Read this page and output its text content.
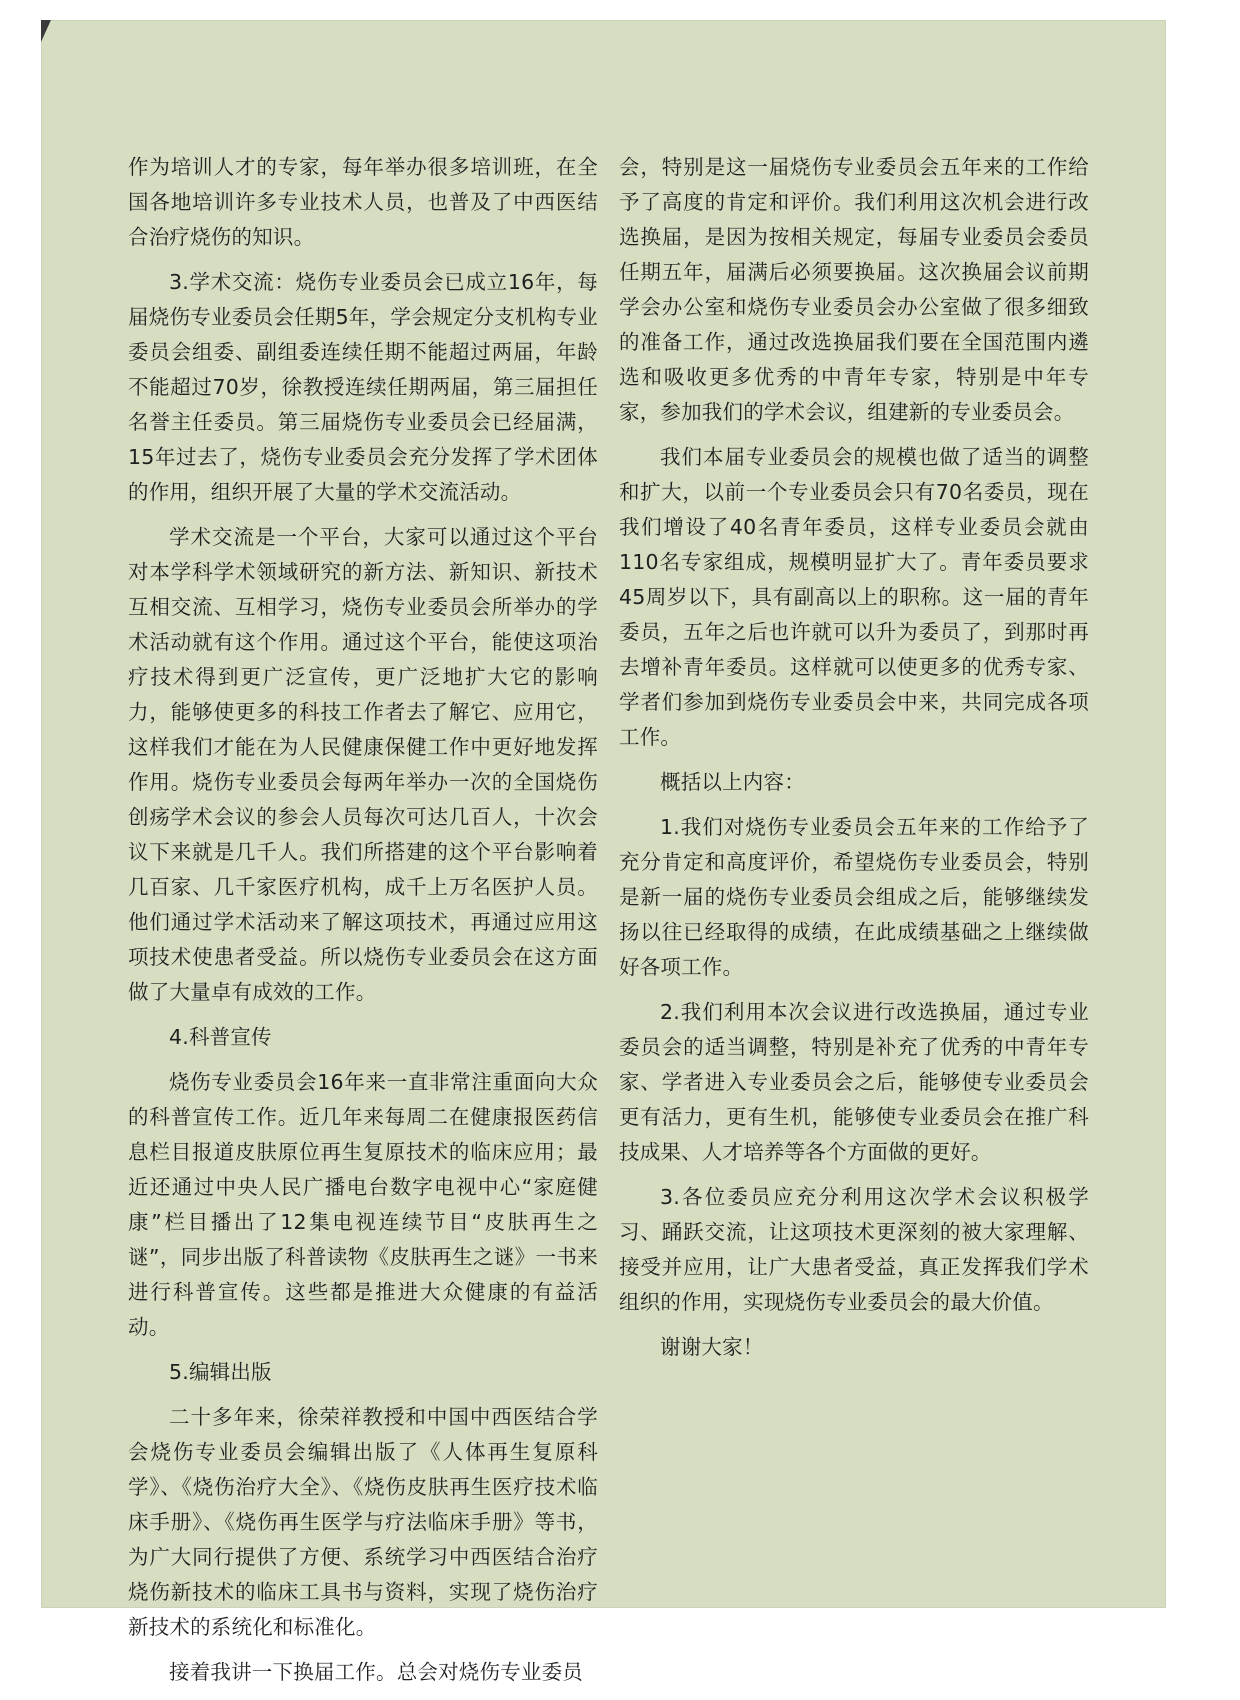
作为培训人才的专家，每年举办很多培训班，在全国各地培训许多专业技术人员，也普及了中西医结合治疗烧伤的知识。

3.学术交流：烧伤专业委员会已成立16年，每届烧伤专业委员会任期5年，学会规定分支机构专业委员会组委、副组委连续任期不能超过两届，年龄不能超过70岁，徐教授连续任期两届，第三届担任名誉主任委员。第三届烧伤专业委员会已经届满，15年过去了，烧伤专业委员会充分发挥了学术团体的作用，组织开展了大量的学术交流活动。

学术交流是一个平台，大家可以通过这个平台对本学科学术领域研究的新方法、新知识、新技术互相交流、互相学习，烧伤专业委员会所举办的学术活动就有这个作用。通过这个平台，能使这项治疗技术得到更广泛宣传，更广泛地扩大它的影响力，能够使更多的科技工作者去了解它、应用它，这样我们才能在为人民健康保健工作中更好地发挥作用。烧伤专业委员会每两年举办一次的全国烧伤创疡学术会议的参会人员每次可达几百人，十次会议下来就是几千人。我们所搭建的这个平台影响着几百家、几千家医疗机构，成千上万名医护人员。他们通过学术活动来了解这项技术，再通过应用这项技术使患者受益。所以烧伤专业委员会在这方面做了大量卓有成效的工作。

4.科普宣传

烧伤专业委员会16年来一直非常注重面向大众的科普宣传工作。近几年来每周二在健康报医药信息栏目报道皮肤原位再生复原技术的临床应用；最近还通过中央人民广播电台数字电视中心“家庭健康”栏目播出了12集电视连续节目“皮肤再生之谜”，同步出版了科普读物《皮肤再生之谜》一书来进行科普宣传。这些都是推进大众健康的有益活动。

5.编辑出版

二十多年来，徐荣祥教授和中国中西医结合学会烧伤专业委员会编辑出版了《人体再生复原科学》、《烧伤治疗大全》、《烧伤皮肤再生医疗技术临床手册》、《烧伤再生医学与疗法临床手册》等书，为广大同行提供了方便、系统学习中西医结合治疗烧伤新技术的临床工具书与资料，实现了烧伤治疗新技术的系统化和标准化。

接着我讲一下换届工作。总会对烧伤专业委员

会，特别是这一届烧伤专业委员会五年来的工作给予了高度的肯定和评价。我们利用这次机会进行改选换届，是因为按相关规定，每届专业委员会委员任期五年，届满后必须要换届。这次换届会议前期学会办公室和烧伤专业委员会办公室做了很多细致的准备工作，通过改选换届我们要在全国范围内遴选和吸收更多优秀的中青年专家，特别是中年专家，参加我们的学术会议，组建新的专业委员会。

我们本届专业委员会的规模也做了适当的调整和扩大，以前一个专业委员会只有70名委员，现在我们增设了40名青年委员，这样专业委员会就由110名专家组成，规模明显扩大了。青年委员要求45周岁以下，具有副高以上的职称。这一届的青年委员，五年之后也许就可以升为委员了，到那时再去增补青年委员。这样就可以使更多的优秀专家、学者们参加到烧伤专业委员会中来，共同完成各项工作。

概括以上内容：

1.我们对烧伤专业委员会五年来的工作给予了充分肯定和高度评价，希望烧伤专业委员会，特别是新一届的烧伤专业委员会组成之后，能够继续发扬以往已经取得的成绩，在此成绩基础之上继续做好各项工作。

2.我们利用本次会议进行改选换届，通过专业委员会的适当调整，特别是补充了优秀的中青年专家、学者进入专业委员会之后，能够使专业委员会更有活力，更有生机，能够使专业委员会在推广科技成果、人才培养等各个方面做的更好。

3.各位委员应充分利用这次学术会议积极学习、踊跃交流，让这项技术更深刻的被大家理解、接受并应用，让广大患者受益，真正发挥我们学术组织的作用，实现烧伤专业委员会的最大价值。

谢谢大家！
